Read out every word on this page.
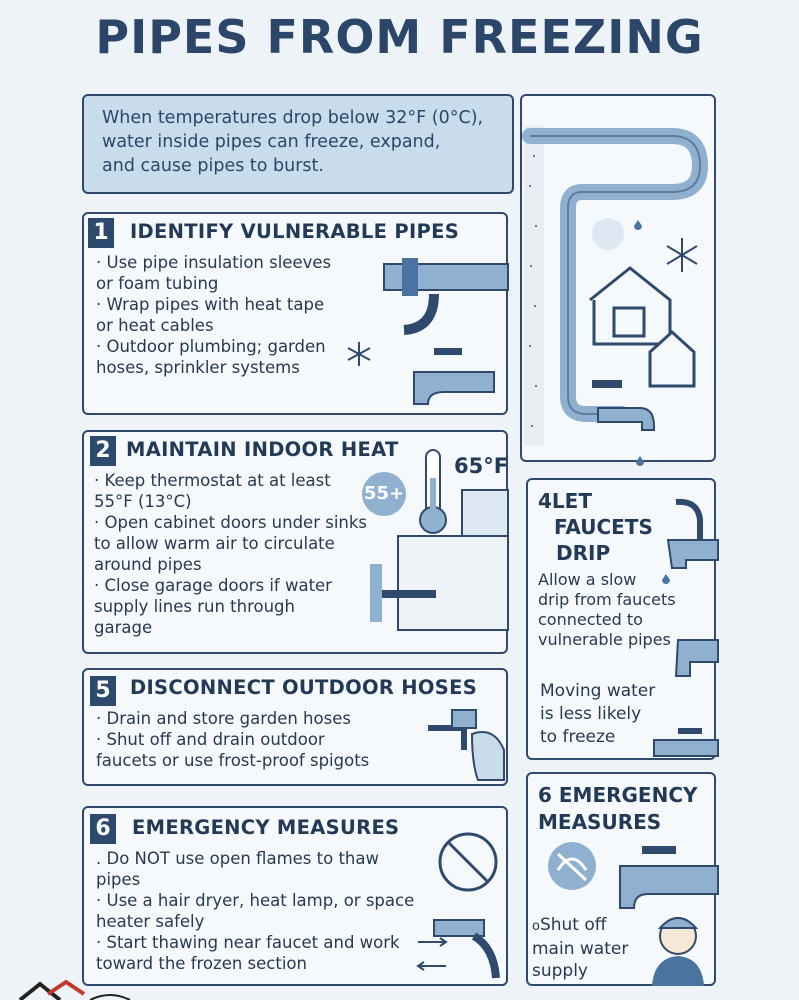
PIPES FROM FREEZING
When temperatures drop below 32°F (0°C),
water inside pipes can freeze, expand,
and cause pipes to burst.
1 IDENTIFY VULNERABLE PIPES
· Use pipe insulation sleeves
or foam tubing
· Wrap pipes with heat tape
or heat cables
· Outdoor plumbing; garden
hoses, sprinkler systems
2 MAINTAIN INDOOR HEAT
· Keep thermostat at at least
55°F (13°C)
· Open cabinet doors under sinks
to allow warm air to circulate
around pipes
· Close garage doors if water
supply lines run through
garage
65°F
55+
5 DISCONNECT OUTDOOR HOSES
· Drain and store garden hoses
· Shut off and drain outdoor
faucets or use frost-proof spigots
6 EMERGENCY MEASURES
. Do NOT use open flames to thaw
pipes
· Use a hair dryer, heat lamp, or space
heater safely
· Start thawing near faucet and work
toward the frozen section
4LET
FAUCETS
DRIP
Allow a slow
drip from faucets
connected to
vulnerable pipes
Moving water
is less likely
to freeze
6 EMERGENCY
MEASURES
oShut off
main water
supply
